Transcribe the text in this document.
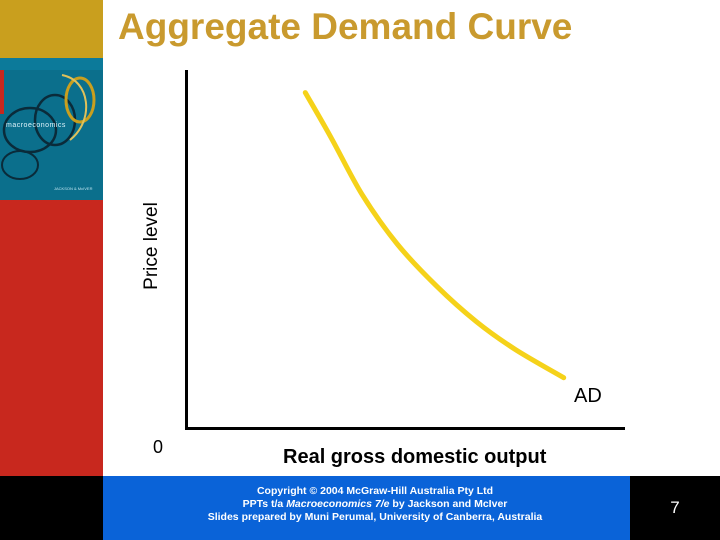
macroeconomics
JACKSON & McIVER
Aggregate Demand Curve
Price level
0	Real gross domestic output
AD
Copyright © 2004 McGraw-Hill Australia Pty Ltd
PPTs t/a Macroeconomics 7/e by Jackson and McIver
Slides prepared by Muni Perumal, University of Canberra, Australia	7
